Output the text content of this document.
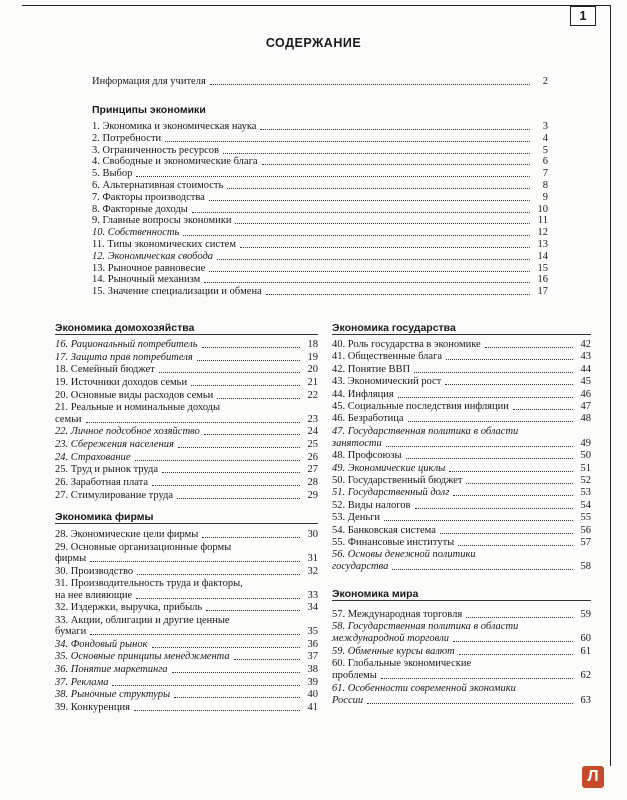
1
СОДЕРЖАНИЕ
Информация для учителя	2
Принципы экономики
1. Экономика и экономическая наука	3
2. Потребности	4
3. Ограниченность ресурсов	5
4. Свободные и экономические блага	6
5. Выбор	7
6. Альтернативная стоимость	8
7. Факторы производства	9
8. Факторные доходы	10
9. Главные вопросы экономики	11
10. Собственность	12
11. Типы экономических систем	13
12. Экономическая свобода	14
13. Рыночное равновесие	15
14. Рыночный механизм	16
15. Значение специализации и обмена	17
Экономика домохозяйства
16. Рациональный потребитель	18
17. Защита прав потребителя	19
18. Семейный бюджет	20
19. Источники доходов семьи	21
20. Основные виды расходов семьи	22
21. Реальные и номинальные доходы
семьи	23
22. Личное подсобное хозяйство	24
23. Сбережения населения	25
24. Страхование	26
25. Труд и рынок труда	27
26. Заработная плата	28
27. Стимулирование труда	29
Экономика фирмы
28. Экономические цели фирмы	30
29. Основные организационные формы
фирмы	31
30. Производство	32
31. Производительность труда и факторы,
на нее влияющие	33
32. Издержки, выручка, прибыль	34
33. Акции, облигации и другие ценные
бумаги	35
34. Фондовый рынок	36
35. Основные принципы менеджмента	37
36. Понятие маркетинга	38
37. Реклама	39
38. Рыночные структуры	40
39. Конкуренция	41
Экономика государства
40. Роль государства в экономике	42
41. Общественные блага	43
42. Понятие ВВП	44
43. Экономический рост	45
44. Инфляция	46
45. Социальные последствия инфляции	47
46. Безработица	48
47. Государственная политика в области
занятости	49
48. Профсоюзы	50
49. Экономические циклы	51
50. Государственный бюджет	52
51. Государственный долг	53
52. Виды налогов	54
53. Деньги	55
54. Банковская система	56
55. Финансовые институты	57
56. Основы денежной политики
государства	58
Экономика мира
57. Международная торговля	59
58. Государственная политика в области
международной торговли	60
59. Обменные курсы валют	61
60. Глобальные экономические
проблемы	62
61. Особенности современной экономики
России	63
Л
